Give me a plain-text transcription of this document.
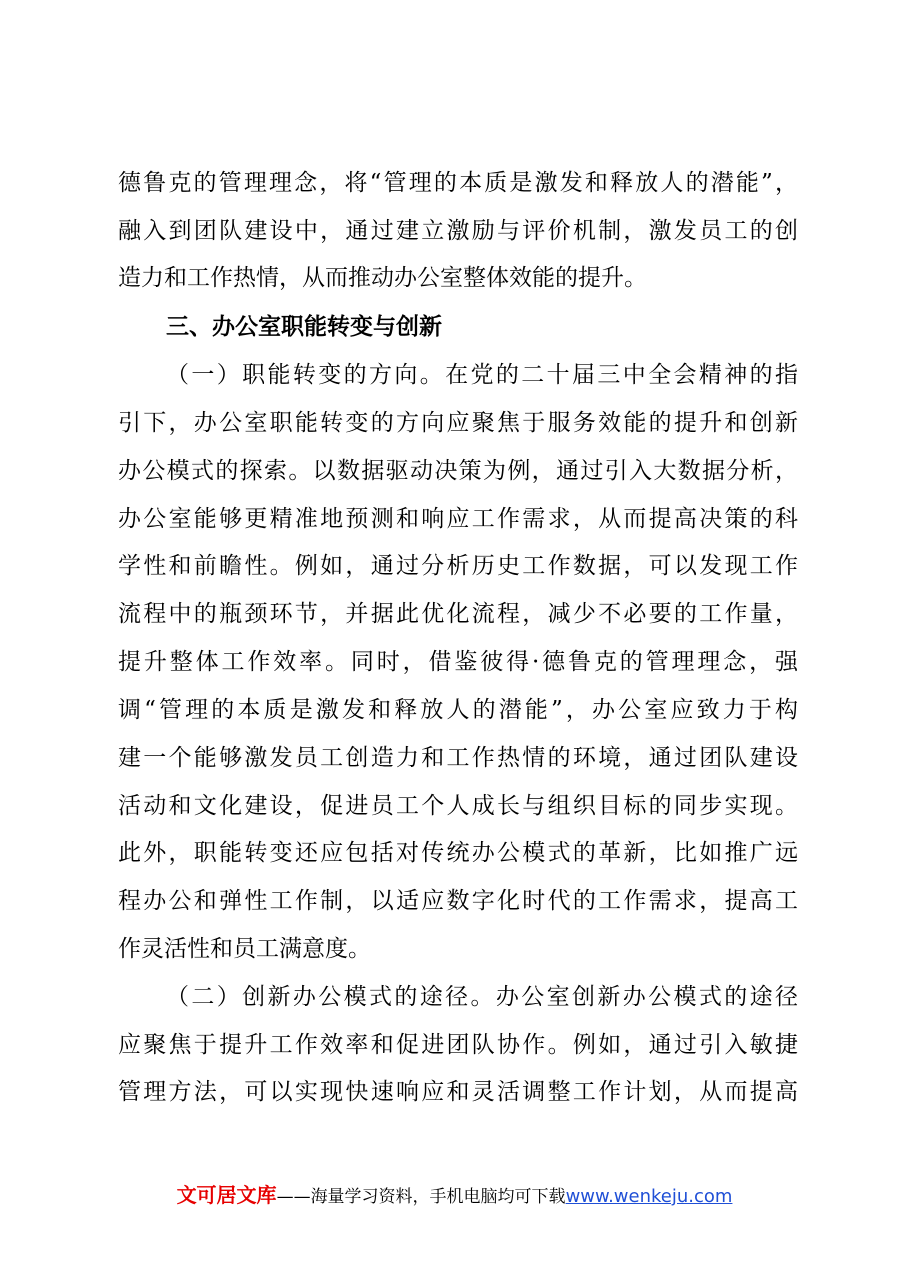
德鲁克的管理理念，将“管理的本质是激发和释放人的潜能”，
融入到团队建设中，通过建立激励与评价机制，激发员工的创
造力和工作热情，从而推动办公室整体效能的提升。
三、办公室职能转变与创新
（一）职能转变的方向。在党的二十届三中全会精神的指
引下，办公室职能转变的方向应聚焦于服务效能的提升和创新
办公模式的探索。以数据驱动决策为例，通过引入大数据分析，
办公室能够更精准地预测和响应工作需求，从而提高决策的科
学性和前瞻性。例如，通过分析历史工作数据，可以发现工作
流程中的瓶颈环节，并据此优化流程，减少不必要的工作量，
提升整体工作效率。同时，借鉴彼得·德鲁克的管理理念，强
调“管理的本质是激发和释放人的潜能”，办公室应致力于构
建一个能够激发员工创造力和工作热情的环境，通过团队建设
活动和文化建设，促进员工个人成长与组织目标的同步实现。
此外，职能转变还应包括对传统办公模式的革新，比如推广远
程办公和弹性工作制，以适应数字化时代的工作需求，提高工
作灵活性和员工满意度。
（二）创新办公模式的途径。办公室创新办公模式的途径
应聚焦于提升工作效率和促进团队协作。例如，通过引入敏捷
管理方法，可以实现快速响应和灵活调整工作计划，从而提高
文可居文库——海量学习资料，手机电脑均可下载www.wenkeju.com
